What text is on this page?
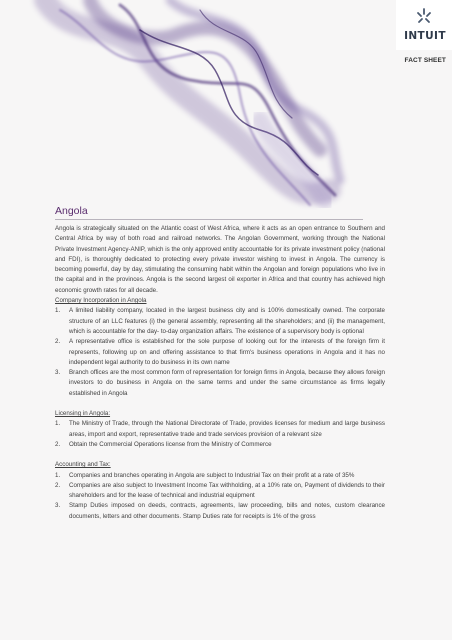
INTUIT
FACT SHEET
Angola

Angola is strategically situated on the Atlantic coast of West Africa, where it acts as an open entrance to Southern and Central Africa by way of both road and railroad networks. The Angolan Government, working through the National Private Investment Agency-ANIP, which is the only approved entity accountable for its private investment policy (national and FDI), is thoroughly dedicated to protecting every private investor wishing to invest in Angola. The currency is becoming powerful, day by day, stimulating the consuming habit within the Angolan and foreign populations who live in the capital and in the provinces. Angola is the second largest oil exporter in Africa and that country has achieved high economic growth rates for all decade.

Company Incorporation in Angola
1.	A limited liability company, located in the largest business city and is 100% domestically owned. The corporate structure of an LLC features (i) the general assembly, representing all the shareholders; and (ii) the management, which is accountable for the day- to-day organization affairs. The existence of a supervisory body is optional
2.	A representative office is established for the sole purpose of looking out for the interests of the foreign firm it represents, following up on and offering assistance to that firm's business operations in Angola and it has no independent legal authority to do business in its own name
3.	Branch offices are the most common form of representation for foreign firms in Angola, because they allows foreign investors to do business in Angola on the same terms and under the same circumstance as firms legally established in Angola
Licensing in Angola:
1.	The Ministry of Trade, through the National Directorate of Trade, provides licenses for medium and large business areas, import and export, representative trade and trade services provision of a relevant size
2.	Obtain the Commercial Operations license from the Ministry of Commerce
Accounting and Tax:
1.	Companies and branches operating in Angola are subject to Industrial Tax on their profit at a rate of 35%
2.	Companies are also subject to Investment Income Tax withholding, at a 10% rate on, Payment of dividends to their shareholders and for the lease of technical and industrial equipment
3.	Stamp Duties imposed on deeds, contracts, agreements, law proceeding, bills and notes, custom clearance documents, letters and other documents. Stamp Duties rate for receipts is 1% of the gross
